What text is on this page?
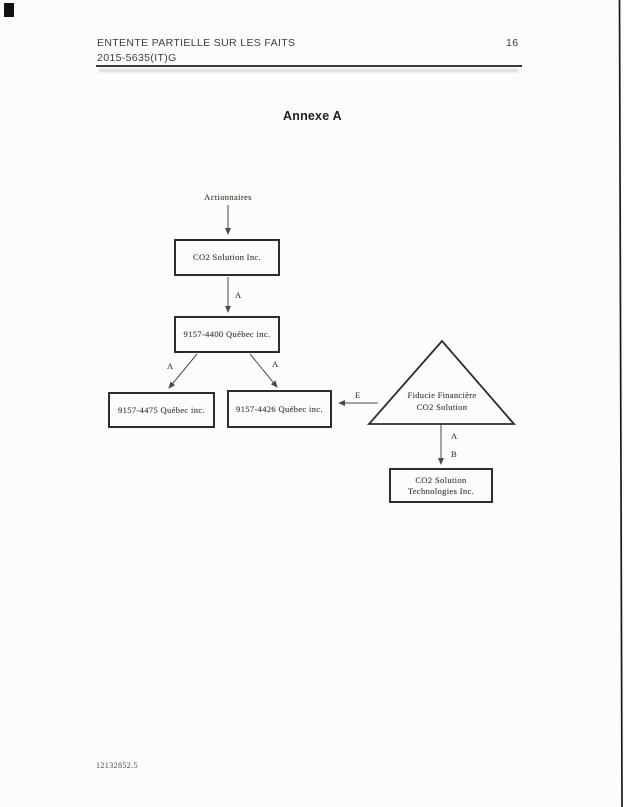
ENTENTE PARTIELLE SUR LES FAITS
2015-5635(IT)G
16
Annexe A
Actionnaires
CO2 Solution Inc.
A
9157-4400 Québec inc.
A	A
9157-4475 Québec inc.	9157-4426 Québec inc.
E	Fiducie Financière
CO2 Solution
A
B
CO2 Solution
Technologies Inc.
12132852.5
